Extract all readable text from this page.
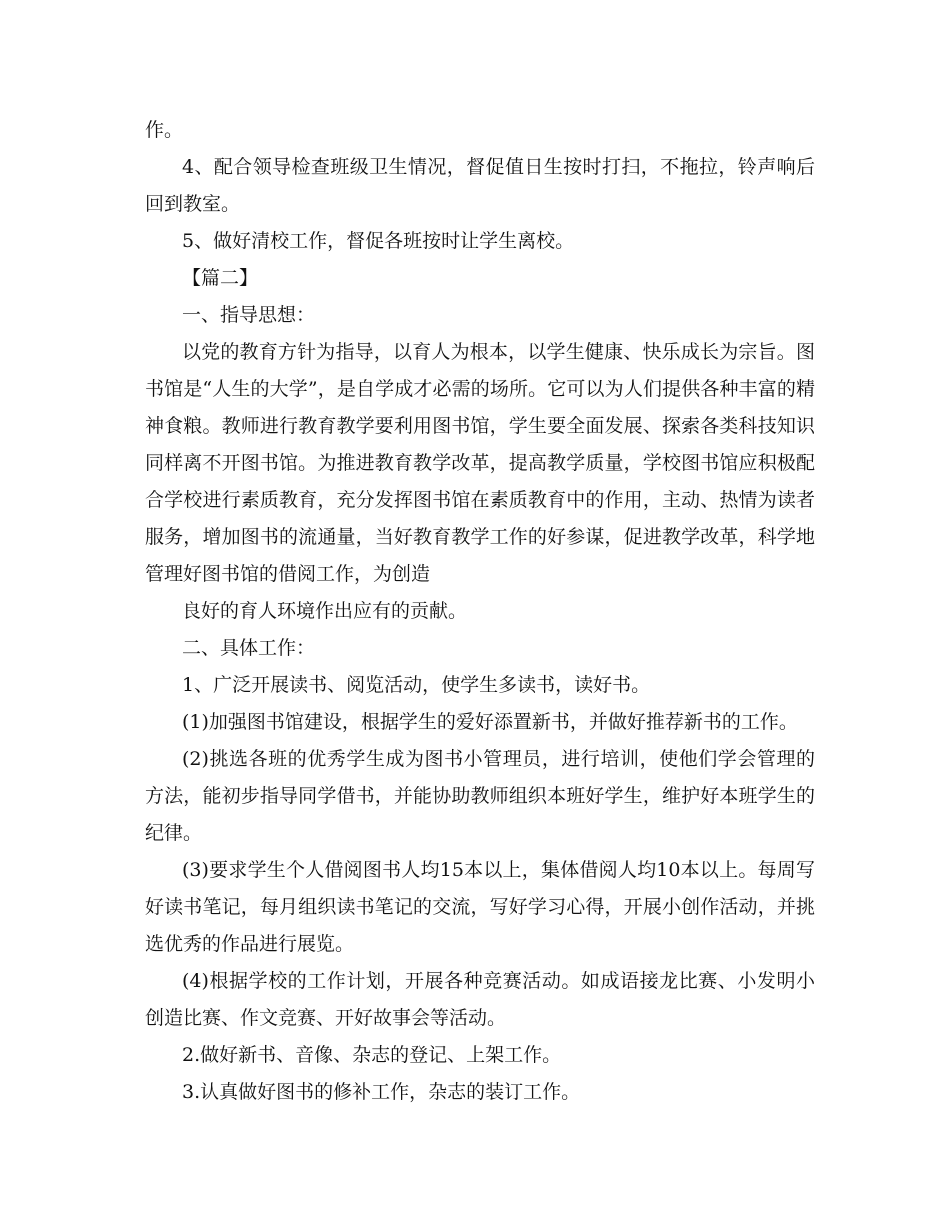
作。

4、配合领导检查班级卫生情况，督促值日生按时打扫，不拖拉，铃声响后回到教室。

5、做好清校工作，督促各班按时让学生离校。

【篇二】

一、指导思想：

以党的教育方针为指导，以育人为根本，以学生健康、快乐成长为宗旨。图书馆是“人生的大学”，是自学成才必需的场所。它可以为人们提供各种丰富的精神食粮。教师进行教育教学要利用图书馆，学生要全面发展、探索各类科技知识同样离不开图书馆。为推进教育教学改革，提高教学质量，学校图书馆应积极配合学校进行素质教育，充分发挥图书馆在素质教育中的作用，主动、热情为读者服务，增加图书的流通量，当好教育教学工作的好参谋，促进教学改革，科学地管理好图书馆的借阅工作，为创造

良好的育人环境作出应有的贡献。

二、具体工作：

1、广泛开展读书、阅览活动，使学生多读书，读好书。

(1)加强图书馆建设，根据学生的爱好添置新书，并做好推荐新书的工作。

(2)挑选各班的优秀学生成为图书小管理员，进行培训，使他们学会管理的方法，能初步指导同学借书，并能协助教师组织本班好学生，维护好本班学生的纪律。

(3)要求学生个人借阅图书人均15本以上，集体借阅人均10本以上。每周写好读书笔记，每月组织读书笔记的交流，写好学习心得，开展小创作活动，并挑选优秀的作品进行展览。

(4)根据学校的工作计划，开展各种竞赛活动。如成语接龙比赛、小发明小创造比赛、作文竞赛、开好故事会等活动。

2.做好新书、音像、杂志的登记、上架工作。

3.认真做好图书的修补工作，杂志的装订工作。
